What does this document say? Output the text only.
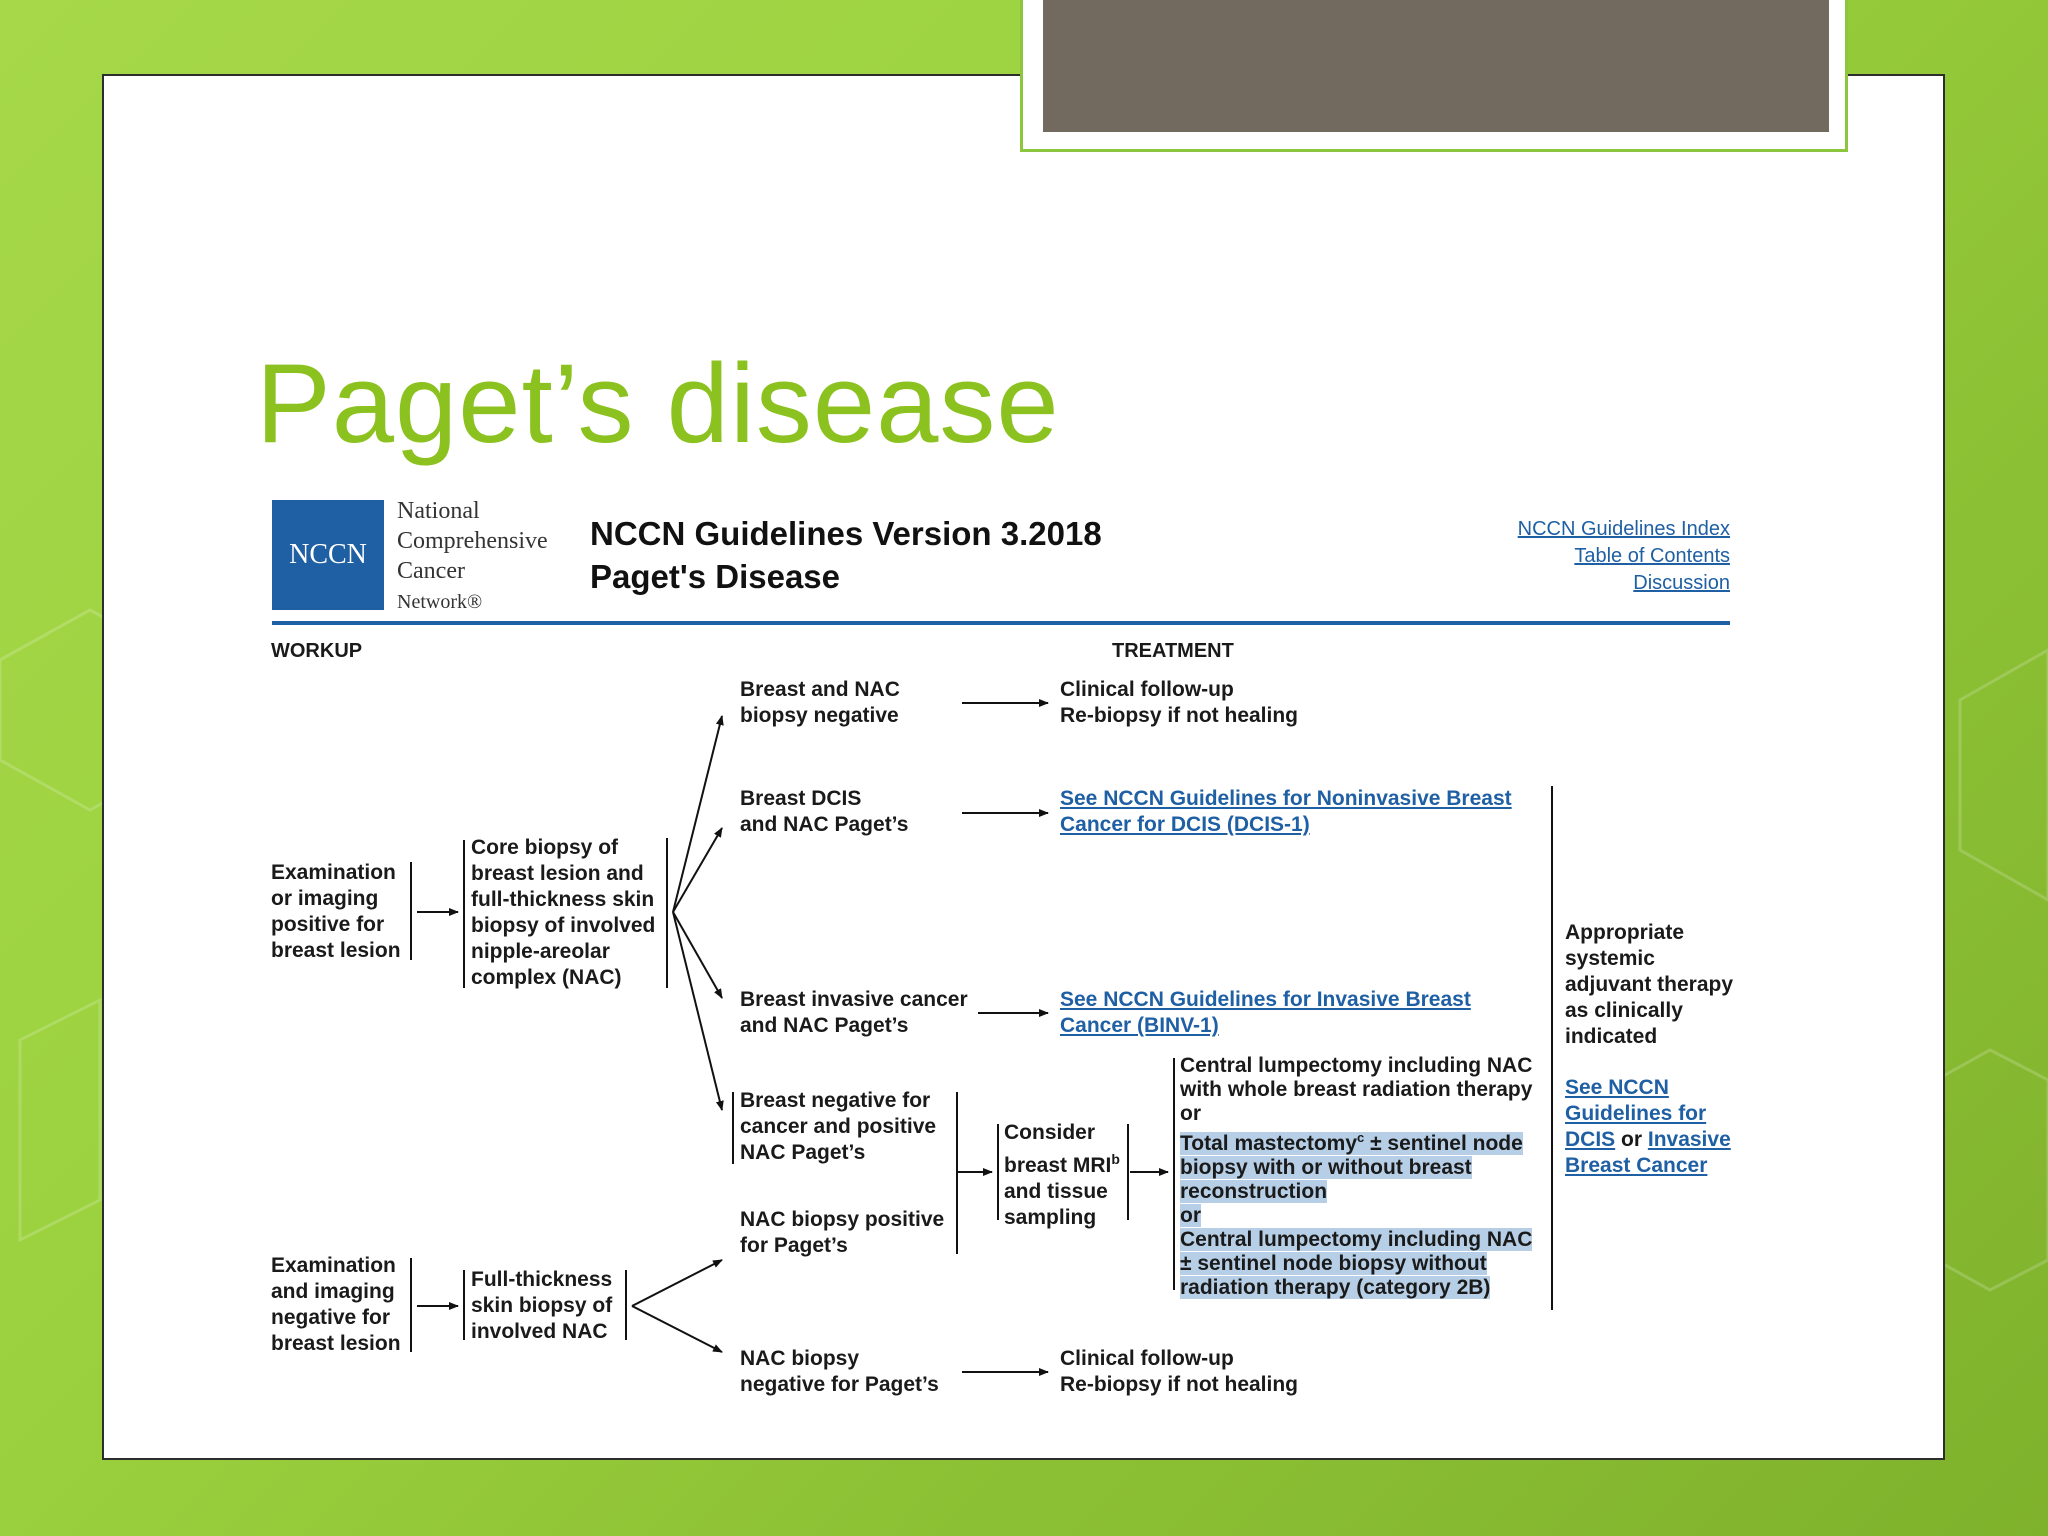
Paget’s disease
NCCN
National
Comprehensive
Cancer
Network®
NCCN Guidelines Version 3.2018
Paget's Disease
NCCN Guidelines Index
Table of Contents
Discussion
WORKUP	TREATMENT
Examination
or imaging
positive for
breast lesion
Core biopsy of
breast lesion and
full-thickness skin
biopsy of involved
nipple-areolar
complex (NAC)
Examination
and imaging
negative for
breast lesion
Full-thickness
skin biopsy of
involved NAC
Breast and NAC
biopsy negative
Breast DCIS
and NAC Paget’s
Breast invasive cancer
and NAC Paget’s
Breast negative for
cancer and positive
NAC Paget’s
NAC biopsy positive
for Paget’s
NAC biopsy
negative for Paget’s
Clinical follow-up
Re-biopsy if not healing
See NCCN Guidelines for Noninvasive Breast
Cancer for DCIS (DCIS-1)
See NCCN Guidelines for Invasive Breast
Cancer (BINV-1)
Clinical follow-up
Re-biopsy if not healing
Consider
breast MRI$^b$
and tissue
sampling
Central lumpectomy including NAC
with whole breast radiation therapy
or
Total mastectomy$^c$ ± sentinel node
biopsy with or without breast
reconstruction
or
Central lumpectomy including NAC
± sentinel node biopsy without
radiation therapy (category 2B)
Appropriate
systemic
adjuvant therapy
as clinically
indicated
See NCCN
Guidelines for
DCIS or Invasive
Breast Cancer
